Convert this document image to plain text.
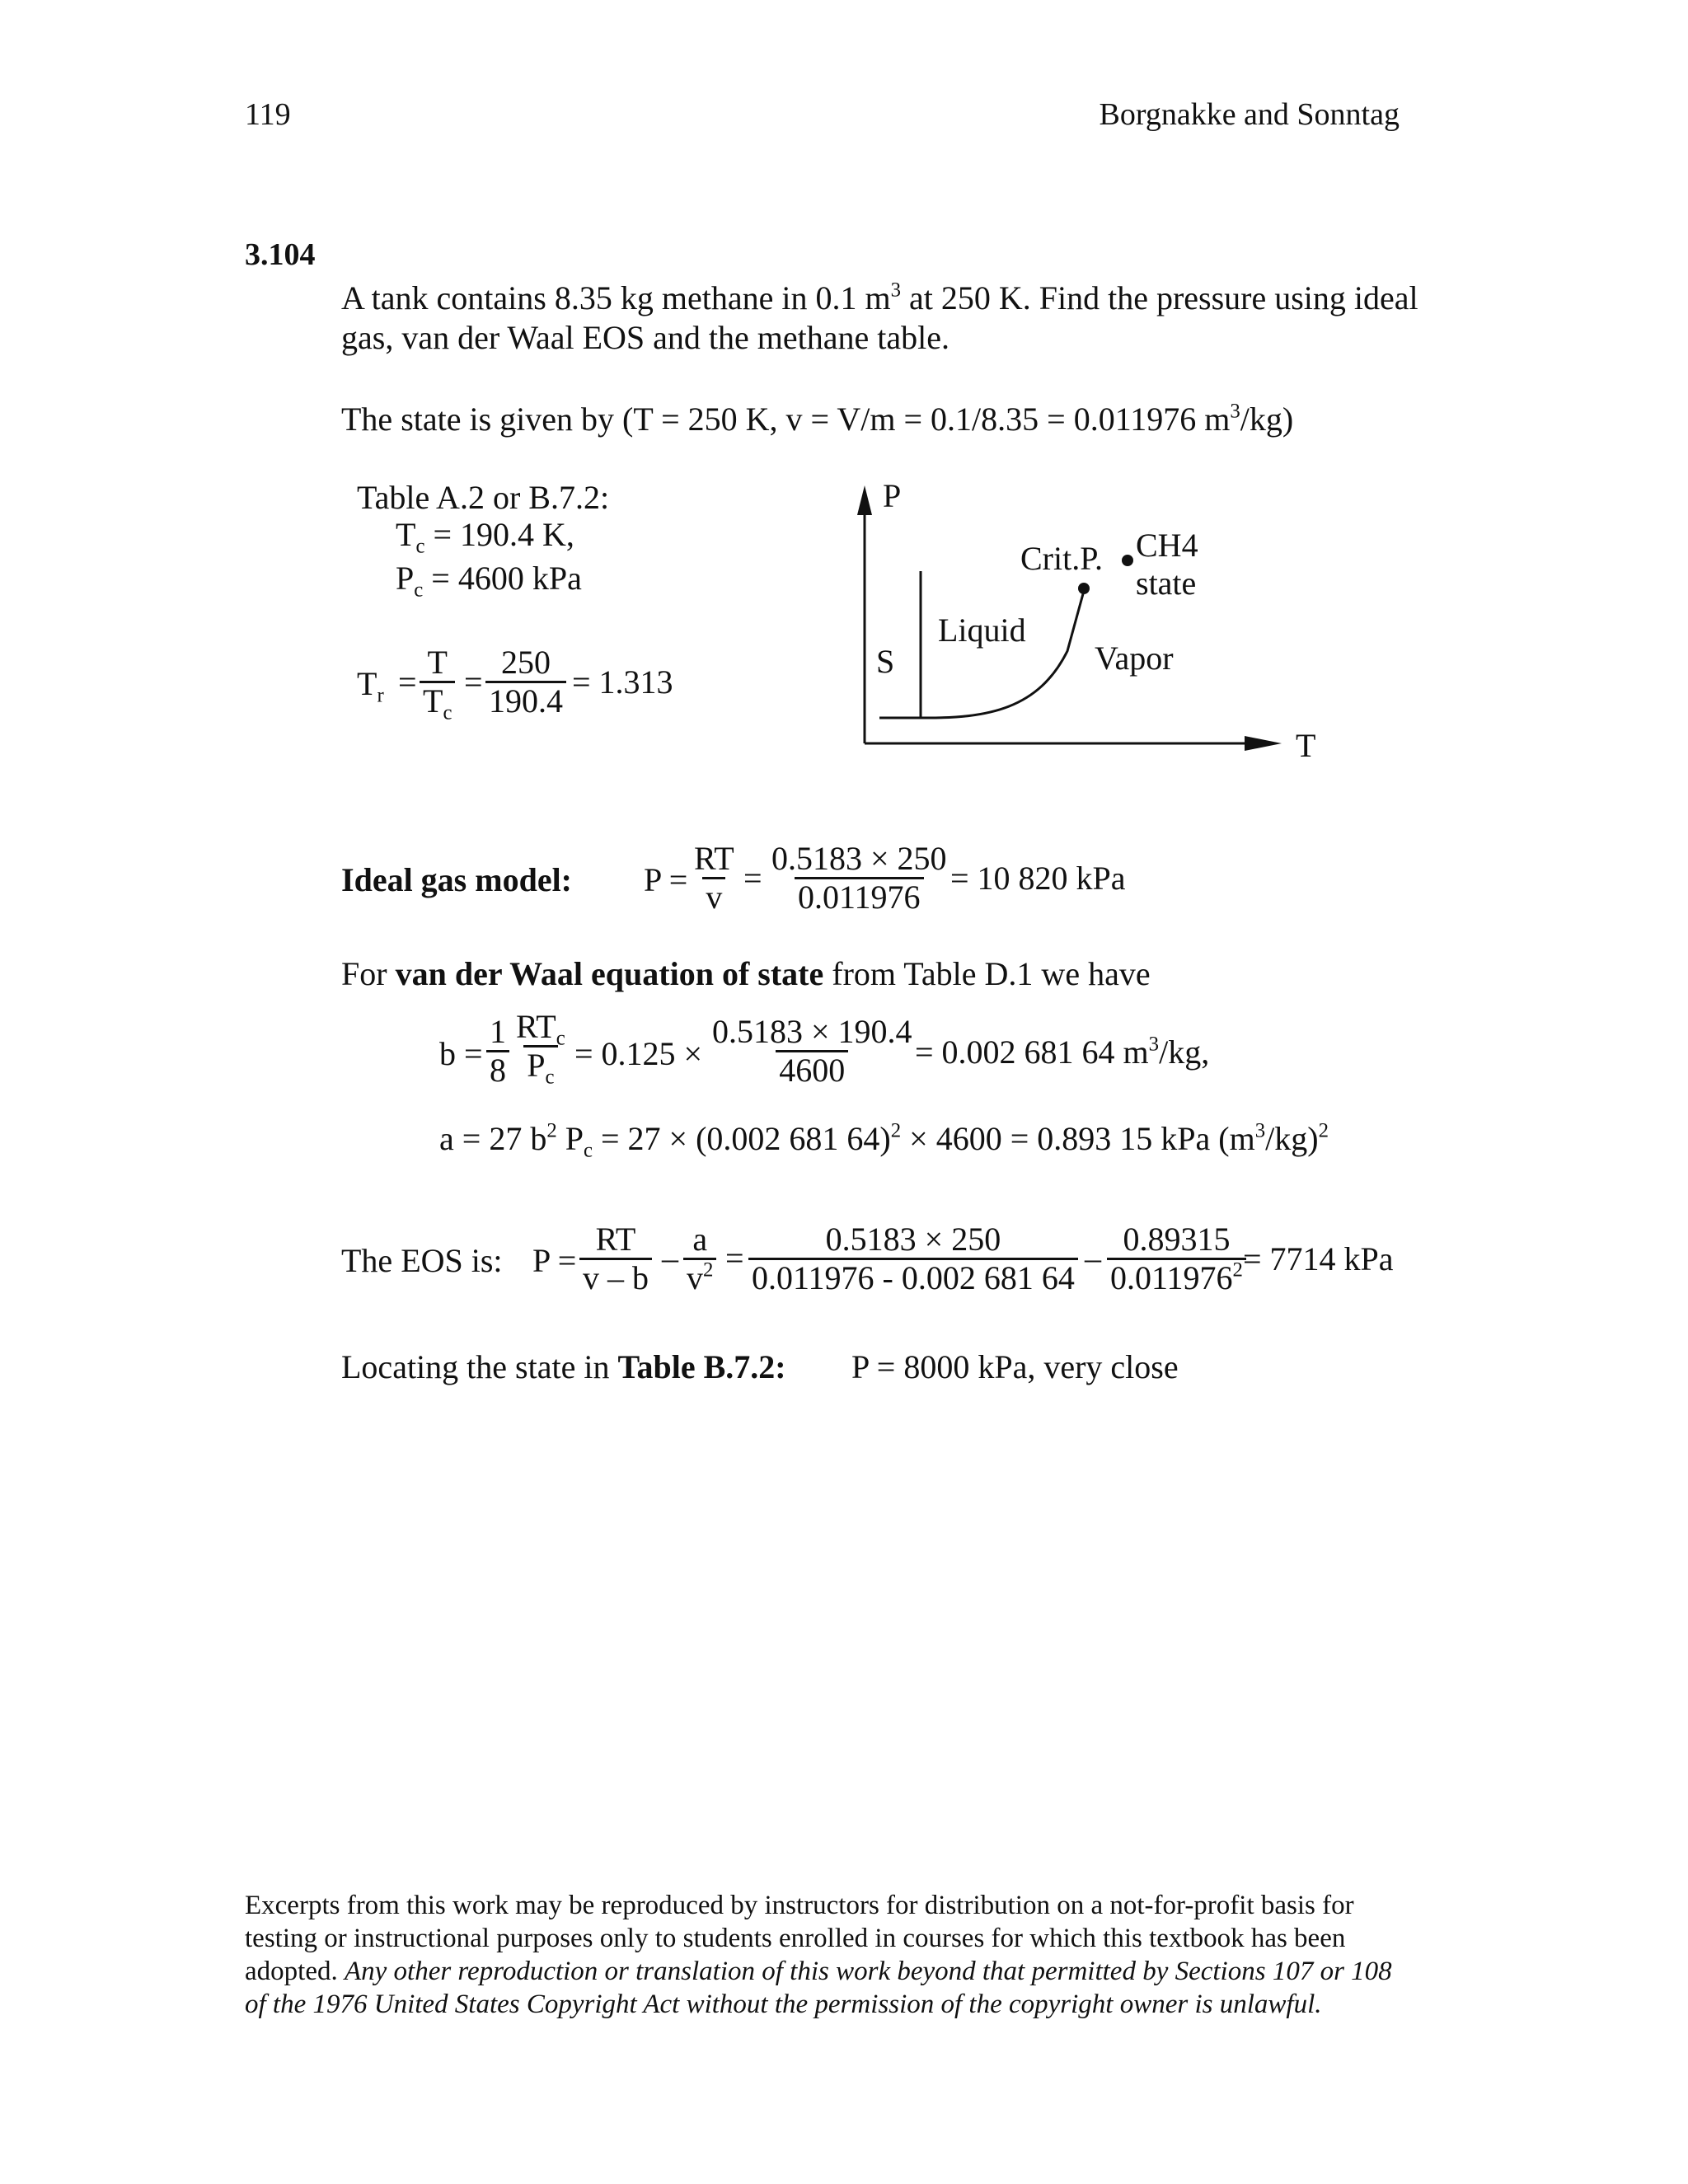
119	Borgnakke and Sonntag
3.104
A tank contains 8.35 kg methane in 0.1 $m^3$ at 250 K. Find the pressure using ideal
gas, van der Waal EOS and the methane table.
The state is given by (T = 250 K, v = V/m = 0.1/8.35 = 0.011976 $m^3/kg$)
Table A.2 or B.7.2:
$T_c = 190.4$ K,
$P_c = 4600$ kPa
$T_r = \frac{T}{T_c} = \frac{250}{190.4} = 1.313$
P
T
S
Liquid
Vapor
Crit.P. CH4
state
Ideal gas model: $P = \frac{RT}{v} = \frac{0.5183 \times 250}{0.011976} = 10$ 820 kPa
For van der Waal equation of state from Table D.1 we have
$b = \frac{1}{8} RT_c$
$P_c$
= $0.125 \times \frac{0.5183 \times 190.4}{4600} = 0.002$ 681 64 $m^3/kg$,
a = 27 $b^2$ $P_c = 27 \times (0.002$ 681 64)$^2$ × 4600 = 0.893 15 kPa $(m^3/kg)^2$
The EOS is: $P = \frac{RT}{v - b} - \frac{a}{v^2} = \frac{0.5183 \times 250}{0.011976 - 0.002 681 64} - \frac{0.89315}{0.011976^2}$
= 7714 kPa
Locating the state in Table B.7.2: P = 8000 kPa, very close
Excerpts from this work may be reproduced by instructors for distribution on a not-for-profit basis for
testing or instructional purposes only to students enrolled in courses for which this textbook has been
adopted. Any other reproduction or translation of this work beyond that permitted by Sections 107 or 108
of the 1976 United States Copyright Act without the permission of the copyright owner is unlawful.
